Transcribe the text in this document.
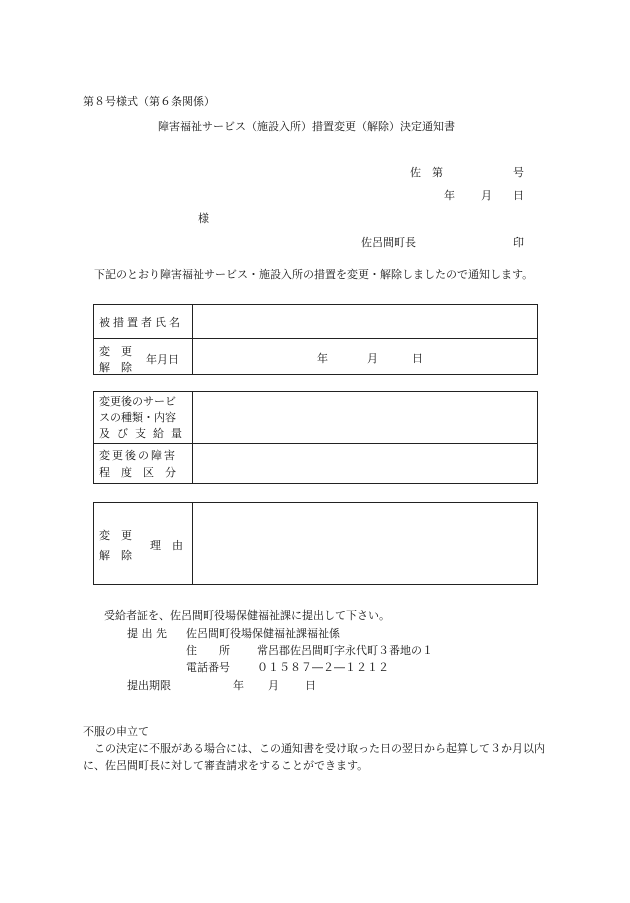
第８号様式（第６条関係）
障害福祉サービス（施設入所）措置変更（解除）決定通知書
佐 第	号
年 月 日
様
佐呂間町長	印
下記のとおり障害福祉サービス・施設入所の措置を変更・解除しましたので通知します。
被措置者氏名	

変　更
解　除
年月日	年 月 日
変更後のサービ
スの種類・内容
及び支給量	

変更後の障害
程度区分	

変　更
解　除
理　由

受給者証を、佐呂間町役場保健福祉課に提出して下さい。
提 出 先 佐呂間町役場保健福祉課福祉係
住　　所 常呂郡佐呂間町字永代町３番地の１
電話番号 ０１５８７―２―１２１２
提出期限	年 月 日
不服の申立て
この決定に不服がある場合には、この通知書を受け取った日の翌日から起算して３か月以内に、佐呂間町長に対して審査請求をすることができます。
